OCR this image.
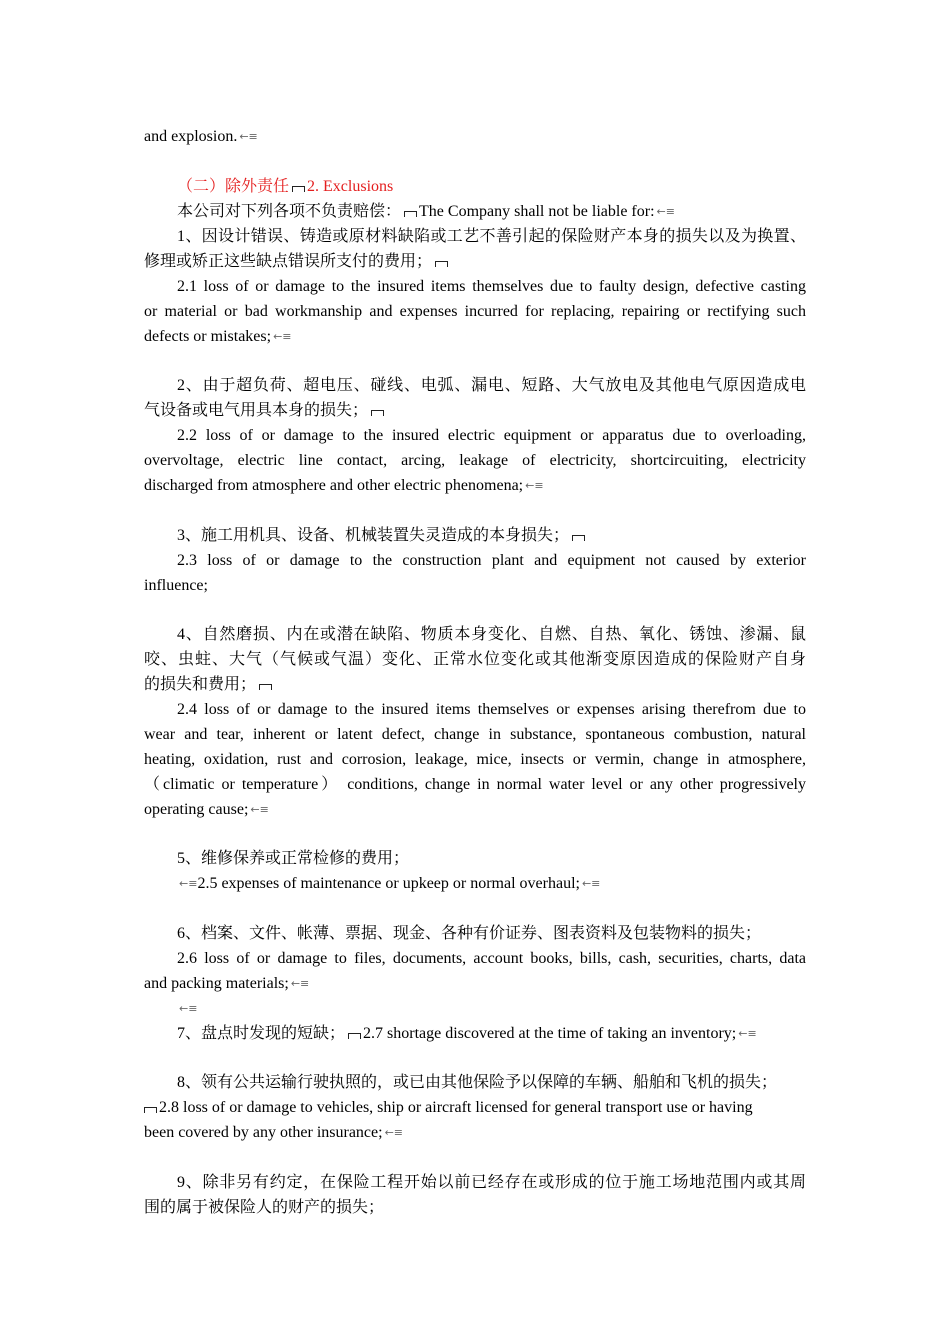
and explosion. ←≡
（二）除外责任 2. Exclusions
本公司对下列各项不负责赔偿： The Company shall not be liable for: ←≡
1、因设计错误、铸造或原材料缺陷或工艺不善引起的保险财产本身的损失以及为换置、
修理或矫正这些缺点错误所支付的费用；
2.1 loss of or damage to the insured items themselves due to faulty design, defective casting
or material or bad workmanship and expenses incurred for replacing, repairing or rectifying such
defects or mistakes; ←≡
2、由于超负荷、超电压、碰线、电弧、漏电、短路、大气放电及其他电气原因造成电
气设备或电气用具本身的损失；
2.2 loss of or damage to the insured electric equipment or apparatus due to overloading,
overvoltage, electric line contact, arcing, leakage of electricity, shortcircuiting, electricity
discharged from atmosphere and other electric phenomena; ←≡
3、施工用机具、设备、机械装置失灵造成的本身损失；
2.3 loss of or damage to the construction plant and equipment not caused by exterior
influence;
4、自然磨损、内在或潜在缺陷、物质本身变化、自燃、自热、氧化、锈蚀、渗漏、鼠
咬、虫蛀、大气（气候或气温）变化、正常水位变化或其他渐变原因造成的保险财产自身
的损失和费用；
2.4 loss of or damage to the insured items themselves or expenses arising therefrom due to
wear and tear, inherent or latent defect, change in substance, spontaneous combustion, natural
heating, oxidation, rust and corrosion, leakage, mice, insects or vermin, change in atmosphere,
（climatic or temperature） conditions, change in normal water level or any other progressively
operating cause; ←≡
5、维修保养或正常检修的费用；
←≡2.5 expenses of maintenance or upkeep or normal overhaul; ←≡
6、档案、文件、帐薄、票据、现金、各种有价证券、图表资料及包装物料的损失；
2.6 loss of or damage to files, documents, account books, bills, cash, securities, charts, data
and packing materials; ←≡
←≡
7、盘点时发现的短缺； 2.7 shortage discovered at the time of taking an inventory; ←≡
8、领有公共运输行驶执照的，或已由其他保险予以保障的车辆、船舶和飞机的损失；
2.8 loss of or damage to vehicles, ship or aircraft licensed for general transport use or having
been covered by any other insurance; ←≡
9、除非另有约定，在保险工程开始以前已经存在或形成的位于施工场地范围内或其周
围的属于被保险人的财产的损失；
